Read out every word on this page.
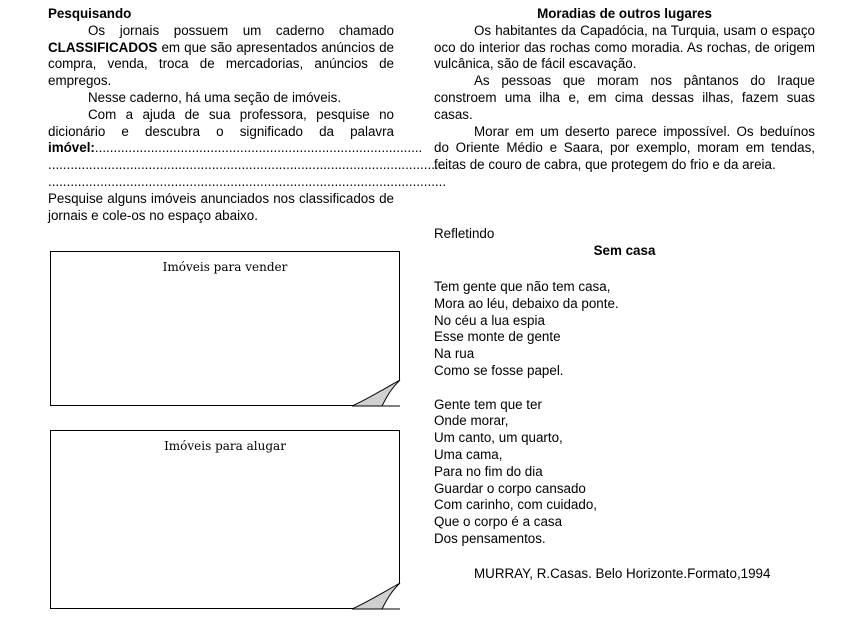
Pesquisando

Os jornais possuem um caderno chamado CLASSIFICADOS em que são apresentados anúncios de compra, venda, troca de mercadorias, anúncios de empregos.

Nesse caderno, há uma seção de imóveis.

Com a ajuda de sua professora, pesquise no dicionário e descubra o significado da palavra imóvel:........................................................................................

...........................................................................................................
...........................................................................................................

Pesquise alguns imóveis anunciados nos classificados de jornais e cole-os no espaço abaixo.

Imóveis para vender
Imóveis para alugar
Moradias de outros lugares

Os habitantes da Capadócia, na Turquia, usam o espaço oco do interior das rochas como moradia. As rochas, de origem vulcânica, são de fácil escavação.

As pessoas que moram nos pântanos do Iraque constroem uma ilha e, em cima dessas ilhas, fazem suas casas.

Morar em um deserto parece impossível. Os beduínos do Oriente Médio e Saara, por exemplo, moram em tendas, feitas de couro de cabra, que protegem do frio e da areia.

Refletindo
Sem casa
Tem gente que não tem casa,
Mora ao léu, debaixo da ponte.
No céu a lua espia
Esse monte de gente
Na rua
Como se fosse papel.
Gente tem que ter
Onde morar,
Um canto, um quarto,
Uma cama,
Para no fim do dia
Guardar o corpo cansado
Com carinho, com cuidado,
Que o corpo é a casa
Dos pensamentos.
MURRAY, R.Casas. Belo Horizonte.Formato,1994
